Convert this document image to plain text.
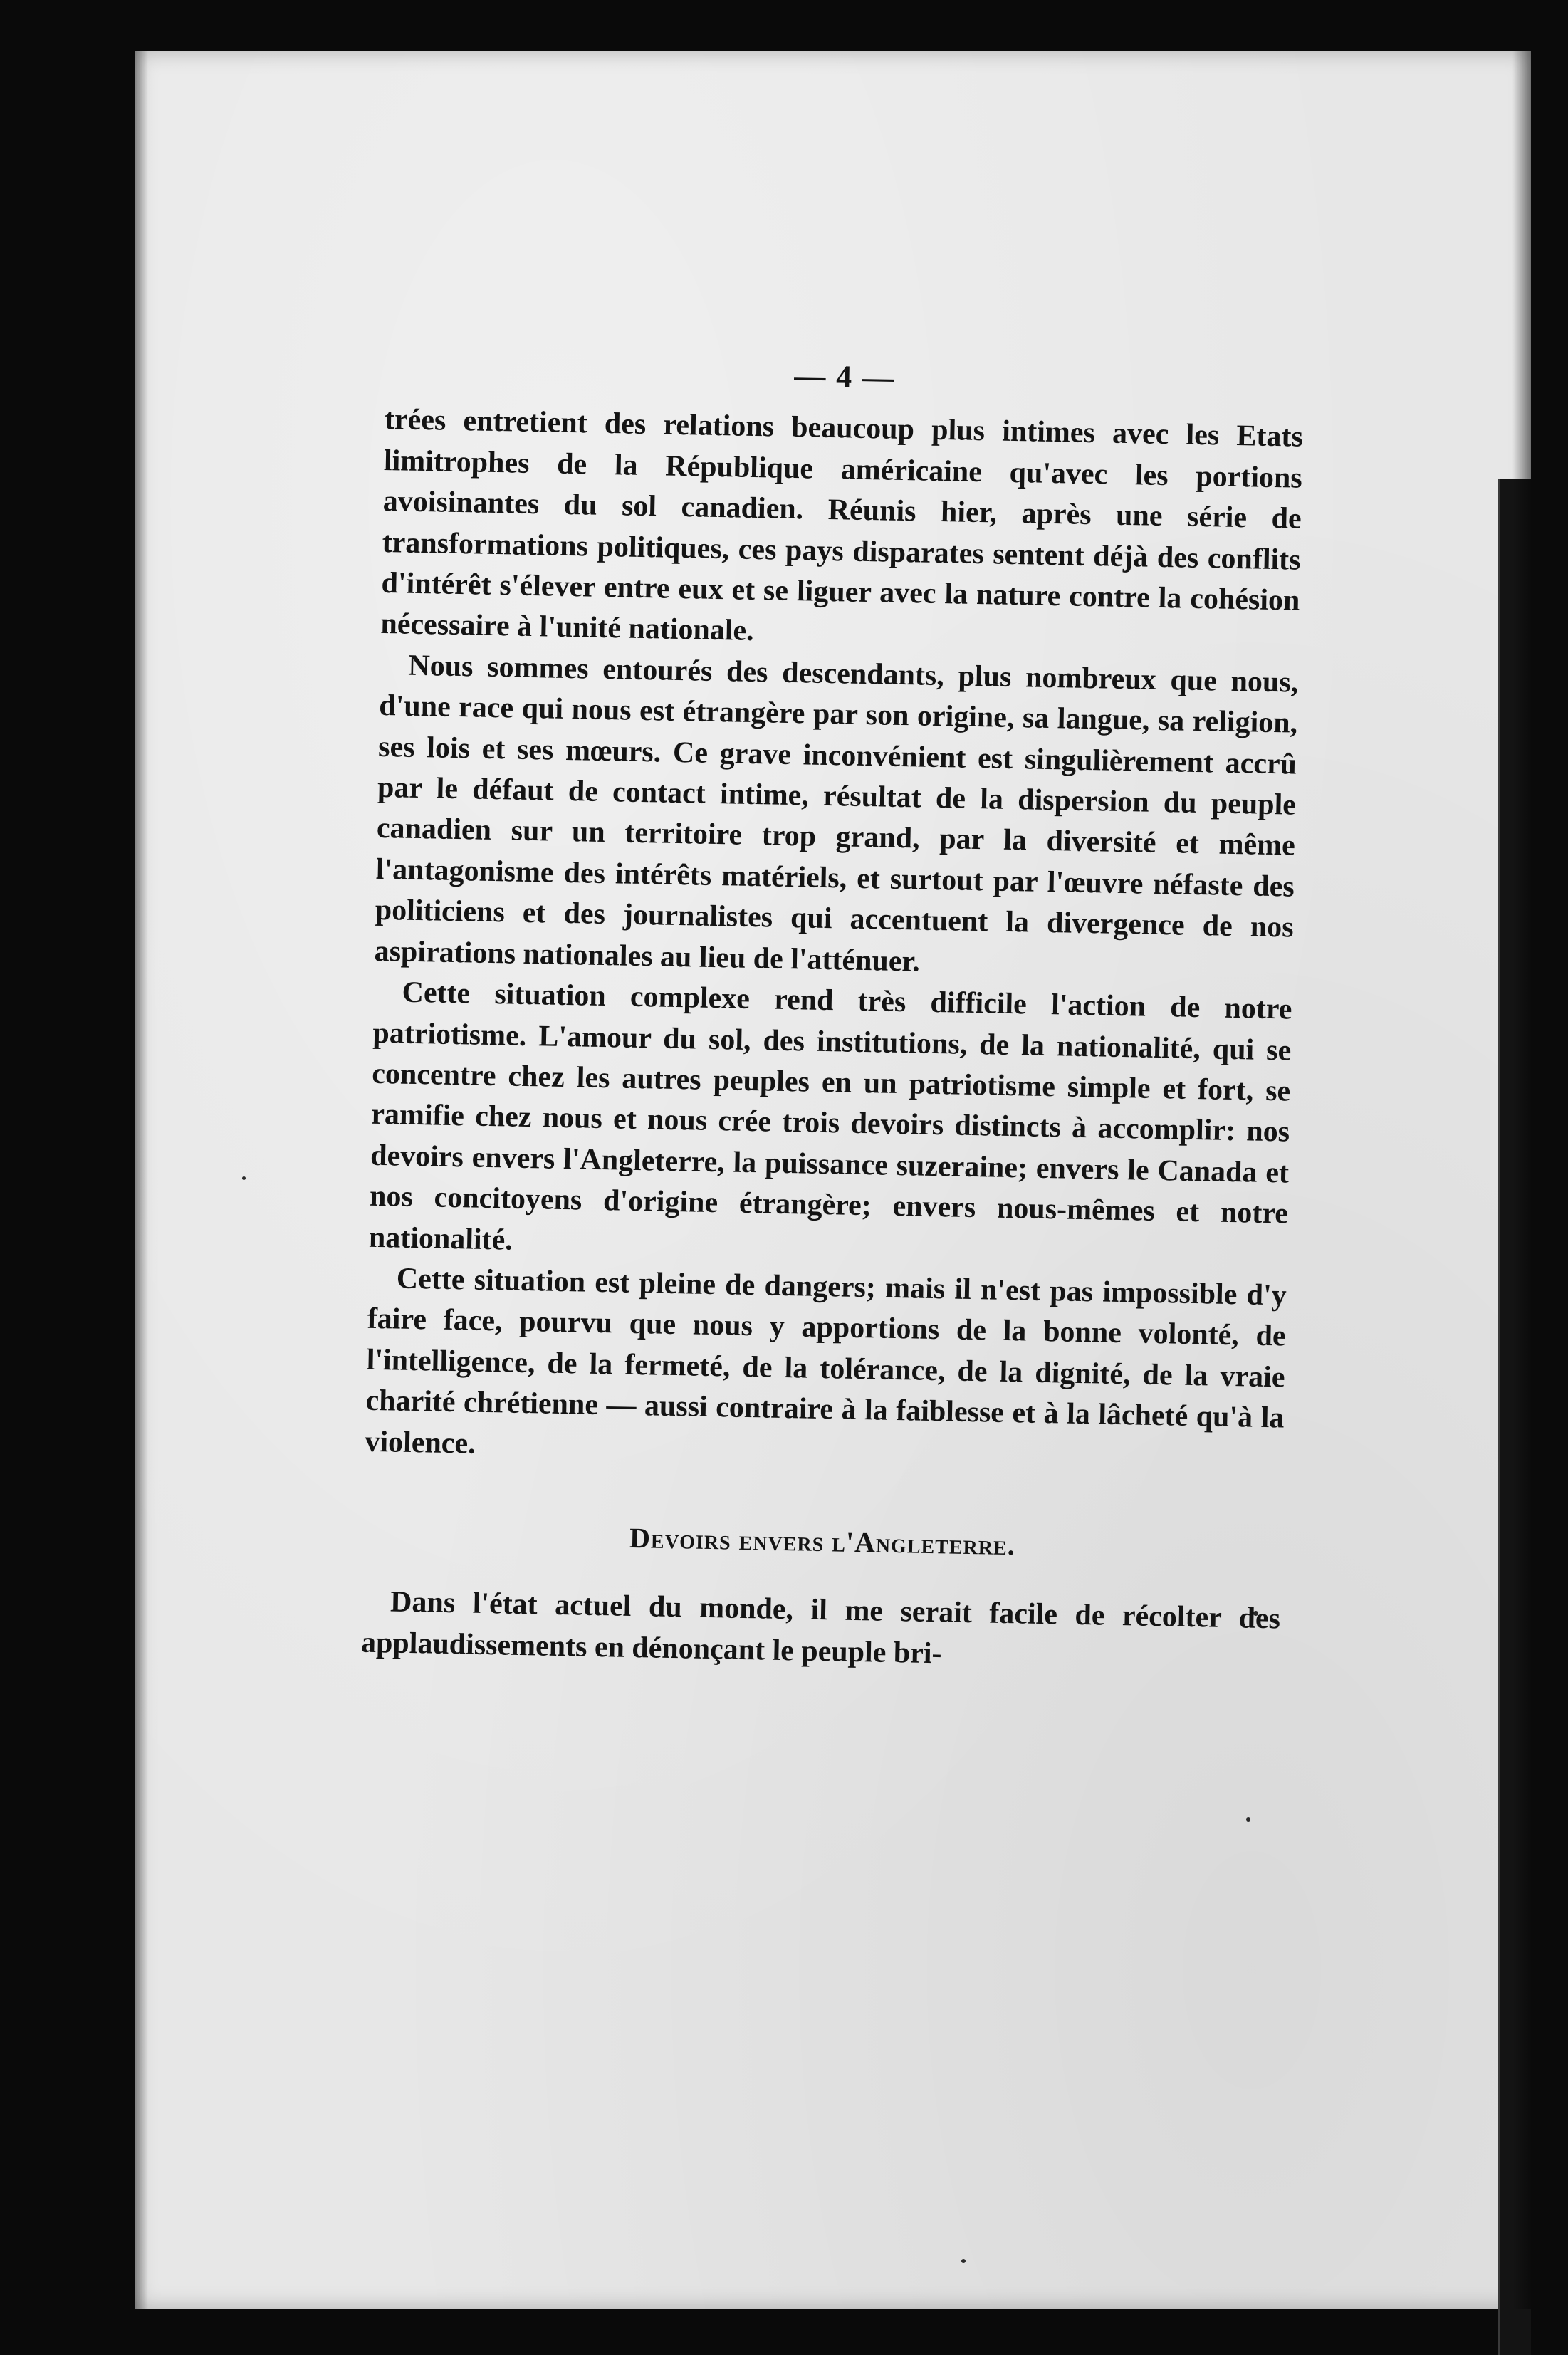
— 4 —

trées entretient des relations beaucoup plus intimes avec les Etats limitrophes de la République américaine qu'avec les portions avoisinantes du sol canadien. Réunis hier, après une série de transformations politiques, ces pays disparates sentent déjà des conflits d'intérêt s'élever entre eux et se liguer avec la nature contre la cohésion nécessaire à l'unité nationale.

Nous sommes entourés des descendants, plus nombreux que nous, d'une race qui nous est étrangère par son origine, sa langue, sa religion, ses lois et ses mœurs. Ce grave inconvénient est singulièrement accrû par le défaut de contact intime, résultat de la dispersion du peuple canadien sur un territoire trop grand, par la diversité et même l'antagonisme des intérêts matériels, et surtout par l'œuvre néfaste des politiciens et des journalistes qui accentuent la divergence de nos aspirations nationales au lieu de l'atténuer.

Cette situation complexe rend très difficile l'action de notre patriotisme. L'amour du sol, des institutions, de la nationalité, qui se concentre chez les autres peuples en un patriotisme simple et fort, se ramifie chez nous et nous crée trois devoirs distincts à accomplir: nos devoirs envers l'Angleterre, la puissance suzeraine; envers le Canada et nos concitoyens d'origine étrangère; envers nous-mêmes et notre nationalité.

Cette situation est pleine de dangers; mais il n'est pas impossible d'y faire face, pourvu que nous y apportions de la bonne volonté, de l'intelligence, de la fermeté, de la tolérance, de la dignité, de la vraie charité chrétienne — aussi contraire à la faiblesse et à la lâcheté qu'à la violence.

Devoirs envers l'Angleterre.

Dans l'état actuel du monde, il me serait facile de récolter des applaudissements en dénonçant le peuple bri-
